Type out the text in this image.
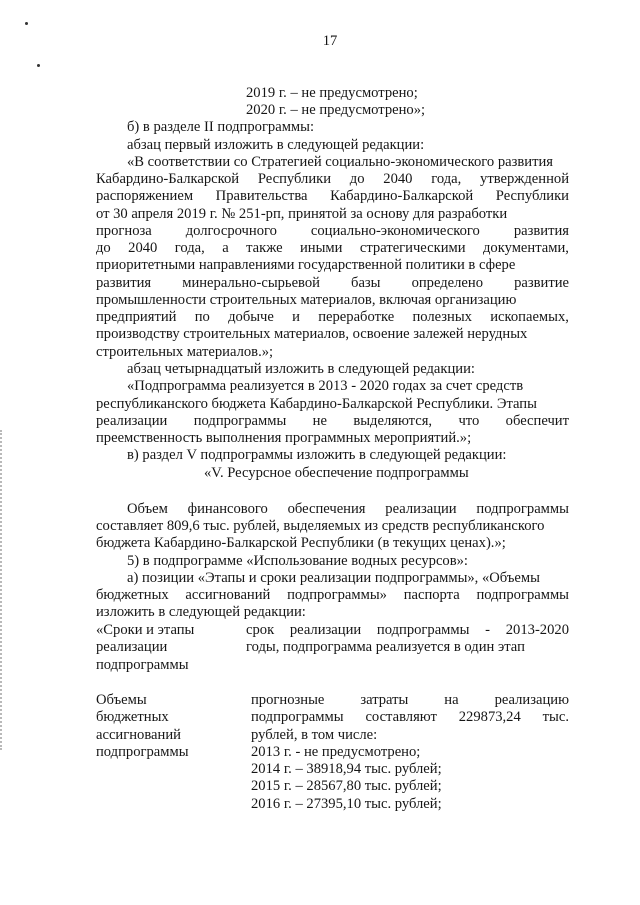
17
2019 г. – не предусмотрено;
2020 г. – не предусмотрено»;
б) в разделе II подпрограммы:
абзац первый изложить в следующей редакции:
«В соответствии со Стратегией социально-экономического развития
Кабардино-Балкарской Республики до 2040 года, утвержденной
распоряжением Правительства Кабардино-Балкарской Республики
от 30 апреля 2019 г. № 251-рп, принятой за основу для разработки
прогноза долгосрочного социально-экономического развития
до 2040 года, а также иными стратегическими документами,
приоритетными направлениями государственной политики в сфере
развития минерально-сырьевой базы определено развитие
промышленности строительных материалов, включая организацию
предприятий по добыче и переработке полезных ископаемых,
производству строительных материалов, освоение залежей нерудных
строительных материалов.»;
абзац четырнадцатый изложить в следующей редакции:
«Подпрограмма реализуется в 2013 - 2020 годах за счет средств
республиканского бюджета Кабардино-Балкарской Республики. Этапы
реализации подпрограммы не выделяются, что обеспечит
преемственность выполнения программных мероприятий.»;
в) раздел V подпрограммы изложить в следующей редакции:
«V. Ресурсное обеспечение подпрограммы
Объем финансового обеспечения реализации подпрограммы
составляет 809,6 тыс. рублей, выделяемых из средств республиканского
бюджета Кабардино-Балкарской Республики (в текущих ценах).»;
5) в подпрограмме «Использование водных ресурсов»:
а) позиции «Этапы и сроки реализации подпрограммы», «Объемы
бюджетных ассигнований подпрограммы» паспорта подпрограммы
изложить в следующей редакции:
«Сроки и этапы
реализации
подпрограммы
срок реализации подпрограммы - 2013-2020
годы, подпрограмма реализуется в один этап
Объемы
бюджетных
ассигнований
подпрограммы
прогнозные затраты на реализацию
подпрограммы составляют 229873,24 тыс.
рублей, в том числе:
2013 г. - не предусмотрено;
2014 г. – 38918,94 тыс. рублей;
2015 г. – 28567,80 тыс. рублей;
2016 г. – 27395,10 тыс. рублей;
